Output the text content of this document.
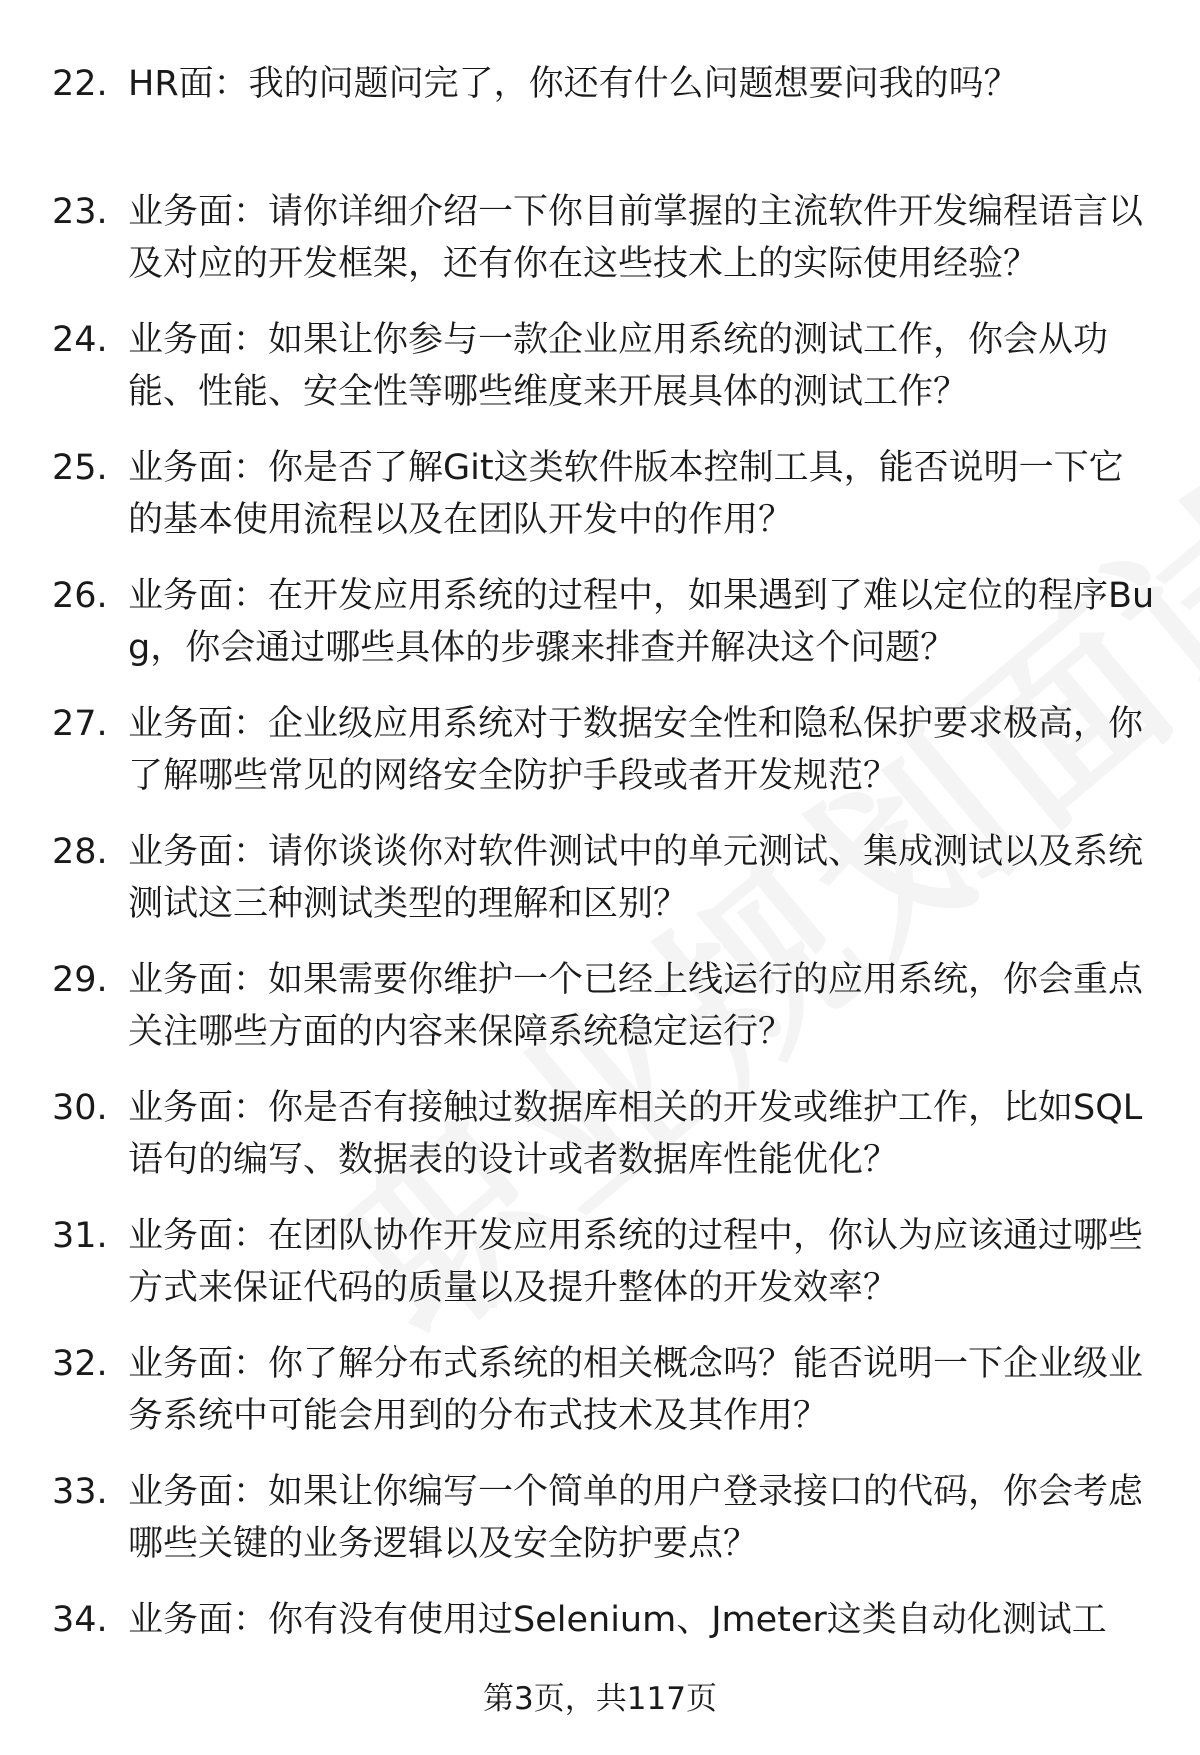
22. HR面：我的问题问完了，你还有什么问题想要问我的吗？
23. 业务面：请你详细介绍一下你目前掌握的主流软件开发编程语言以及对应的开发框架，还有你在这些技术上的实际使用经验？
24. 业务面：如果让你参与一款企业应用系统的测试工作，你会从功能、性能、安全性等哪些维度来开展具体的测试工作？
25. 业务面：你是否了解Git这类软件版本控制工具，能否说明一下它的基本使用流程以及在团队开发中的作用？
26. 业务面：在开发应用系统的过程中，如果遇到了难以定位的程序Bug，你会通过哪些具体的步骤来排查并解决这个问题？
27. 业务面：企业级应用系统对于数据安全性和隐私保护要求极高，你了解哪些常见的网络安全防护手段或者开发规范？
28. 业务面：请你谈谈你对软件测试中的单元测试、集成测试以及系统测试这三种测试类型的理解和区别？
29. 业务面：如果需要你维护一个已经上线运行的应用系统，你会重点关注哪些方面的内容来保障系统稳定运行？
30. 业务面：你是否有接触过数据库相关的开发或维护工作，比如SQL语句的编写、数据表的设计或者数据库性能优化？
31. 业务面：在团队协作开发应用系统的过程中，你认为应该通过哪些方式来保证代码的质量以及提升整体的开发效率？
32. 业务面：你了解分布式系统的相关概念吗？能否说明一下企业级业务系统中可能会用到的分布式技术及其作用？
33. 业务面：如果让你编写一个简单的用户登录接口的代码，你会考虑哪些关键的业务逻辑以及安全防护要点？
34. 业务面：你有没有使用过Selenium、Jmeter这类自动化测试工
第3页，共117页
